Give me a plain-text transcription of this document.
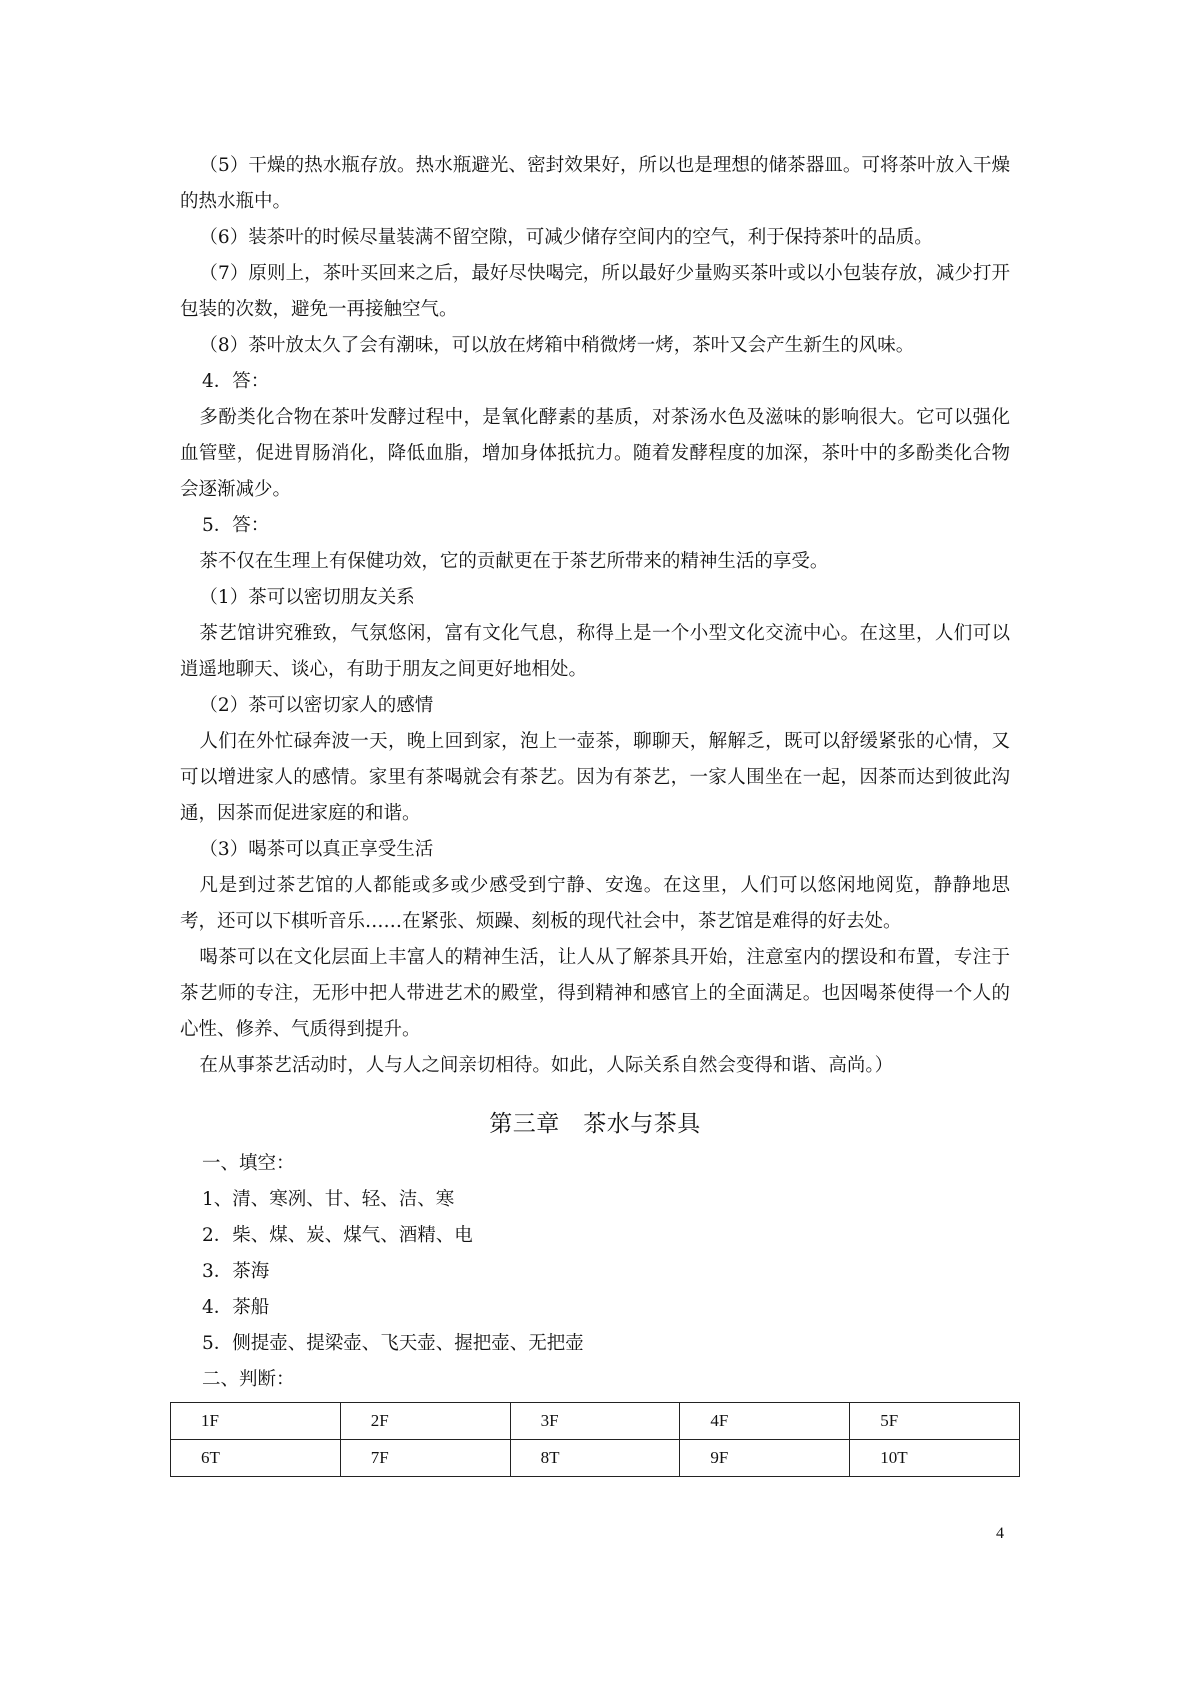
（5）干燥的热水瓶存放。热水瓶避光、密封效果好，所以也是理想的储茶器皿。可将茶叶放入干燥的热水瓶中。

（6）装茶叶的时候尽量装满不留空隙，可减少储存空间内的空气，利于保持茶叶的品质。

（7）原则上，茶叶买回来之后，最好尽快喝完，所以最好少量购买茶叶或以小包装存放，减少打开包装的次数，避免一再接触空气。

（8）茶叶放太久了会有潮味，可以放在烤箱中稍微烤一烤，茶叶又会产生新生的风味。

4．答：

多酚类化合物在茶叶发酵过程中，是氧化酵素的基质，对茶汤水色及滋味的影响很大。它可以强化血管壁，促进胃肠消化，降低血脂，增加身体抵抗力。随着发酵程度的加深，茶叶中的多酚类化合物会逐渐减少。

5．答：

茶不仅在生理上有保健功效，它的贡献更在于茶艺所带来的精神生活的享受。

（1）茶可以密切朋友关系

茶艺馆讲究雅致，气氛悠闲，富有文化气息，称得上是一个小型文化交流中心。在这里，人们可以逍遥地聊天、谈心，有助于朋友之间更好地相处。

（2）茶可以密切家人的感情

人们在外忙碌奔波一天，晚上回到家，泡上一壶茶，聊聊天，解解乏，既可以舒缓紧张的心情，又可以增进家人的感情。家里有茶喝就会有茶艺。因为有茶艺，一家人围坐在一起，因茶而达到彼此沟通，因茶而促进家庭的和谐。

（3）喝茶可以真正享受生活

凡是到过茶艺馆的人都能或多或少感受到宁静、安逸。在这里，人们可以悠闲地阅览，静静地思考，还可以下棋听音乐……在紧张、烦躁、刻板的现代社会中，茶艺馆是难得的好去处。

喝茶可以在文化层面上丰富人的精神生活，让人从了解茶具开始，注意室内的摆设和布置，专注于茶艺师的专注，无形中把人带进艺术的殿堂，得到精神和感官上的全面满足。也因喝茶使得一个人的心性、修养、气质得到提升。

在从事茶艺活动时，人与人之间亲切相待。如此，人际关系自然会变得和谐、高尚。）

第三章　茶水与茶具

一、填空：

1、清、寒冽、甘、轻、洁、寒

2．柴、煤、炭、煤气、酒精、电

3．茶海

4．茶船

5．侧提壶、提梁壶、飞天壶、握把壶、无把壶

二、判断：

1F	2F	3F	4F	5F
6T	7F	8T	9F	10T
4
